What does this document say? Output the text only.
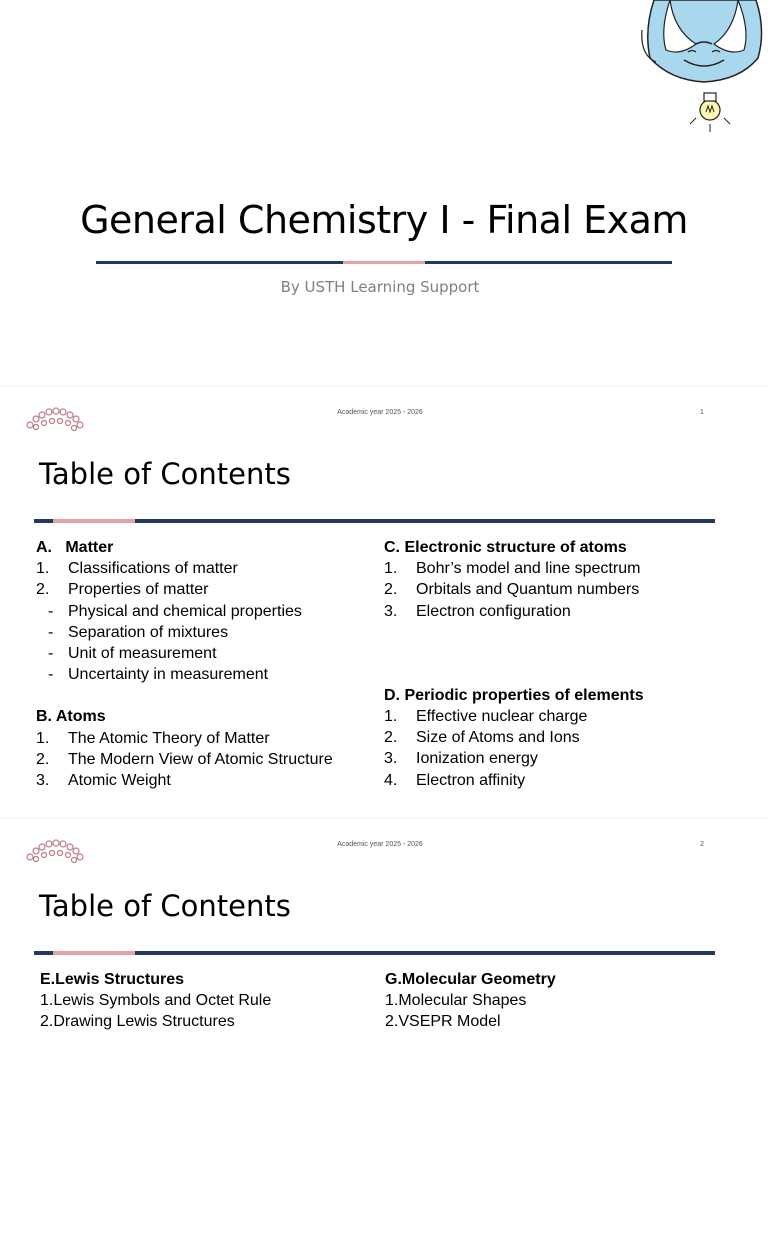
General Chemistry I - Final Exam
By USTH Learning Support
Academic year 2025 - 2026	1
Table of Contents
A.   Matter
1. Classifications of matter
2. Properties of matter
- Physical and chemical properties
- Separation of mixtures
- Unit of measurement
- Uncertainty in measurement
B. Atoms
1. The Atomic Theory of Matter
2. The Modern View of Atomic Structure
3. Atomic Weight
C. Electronic structure of atoms
1. Bohr’s model and line spectrum
2. Orbitals and Quantum numbers
3. Electron configuration
D. Periodic properties of elements
1. Effective nuclear charge
2. Size of Atoms and Ions
3. Ionization energy
4. Electron affinity
Academic year 2025 - 2026	2
Table of Contents
E.Lewis Structures
1.Lewis Symbols and Octet Rule
2.Drawing Lewis Structures
G.Molecular Geometry
1.Molecular Shapes
2.VSEPR Model
